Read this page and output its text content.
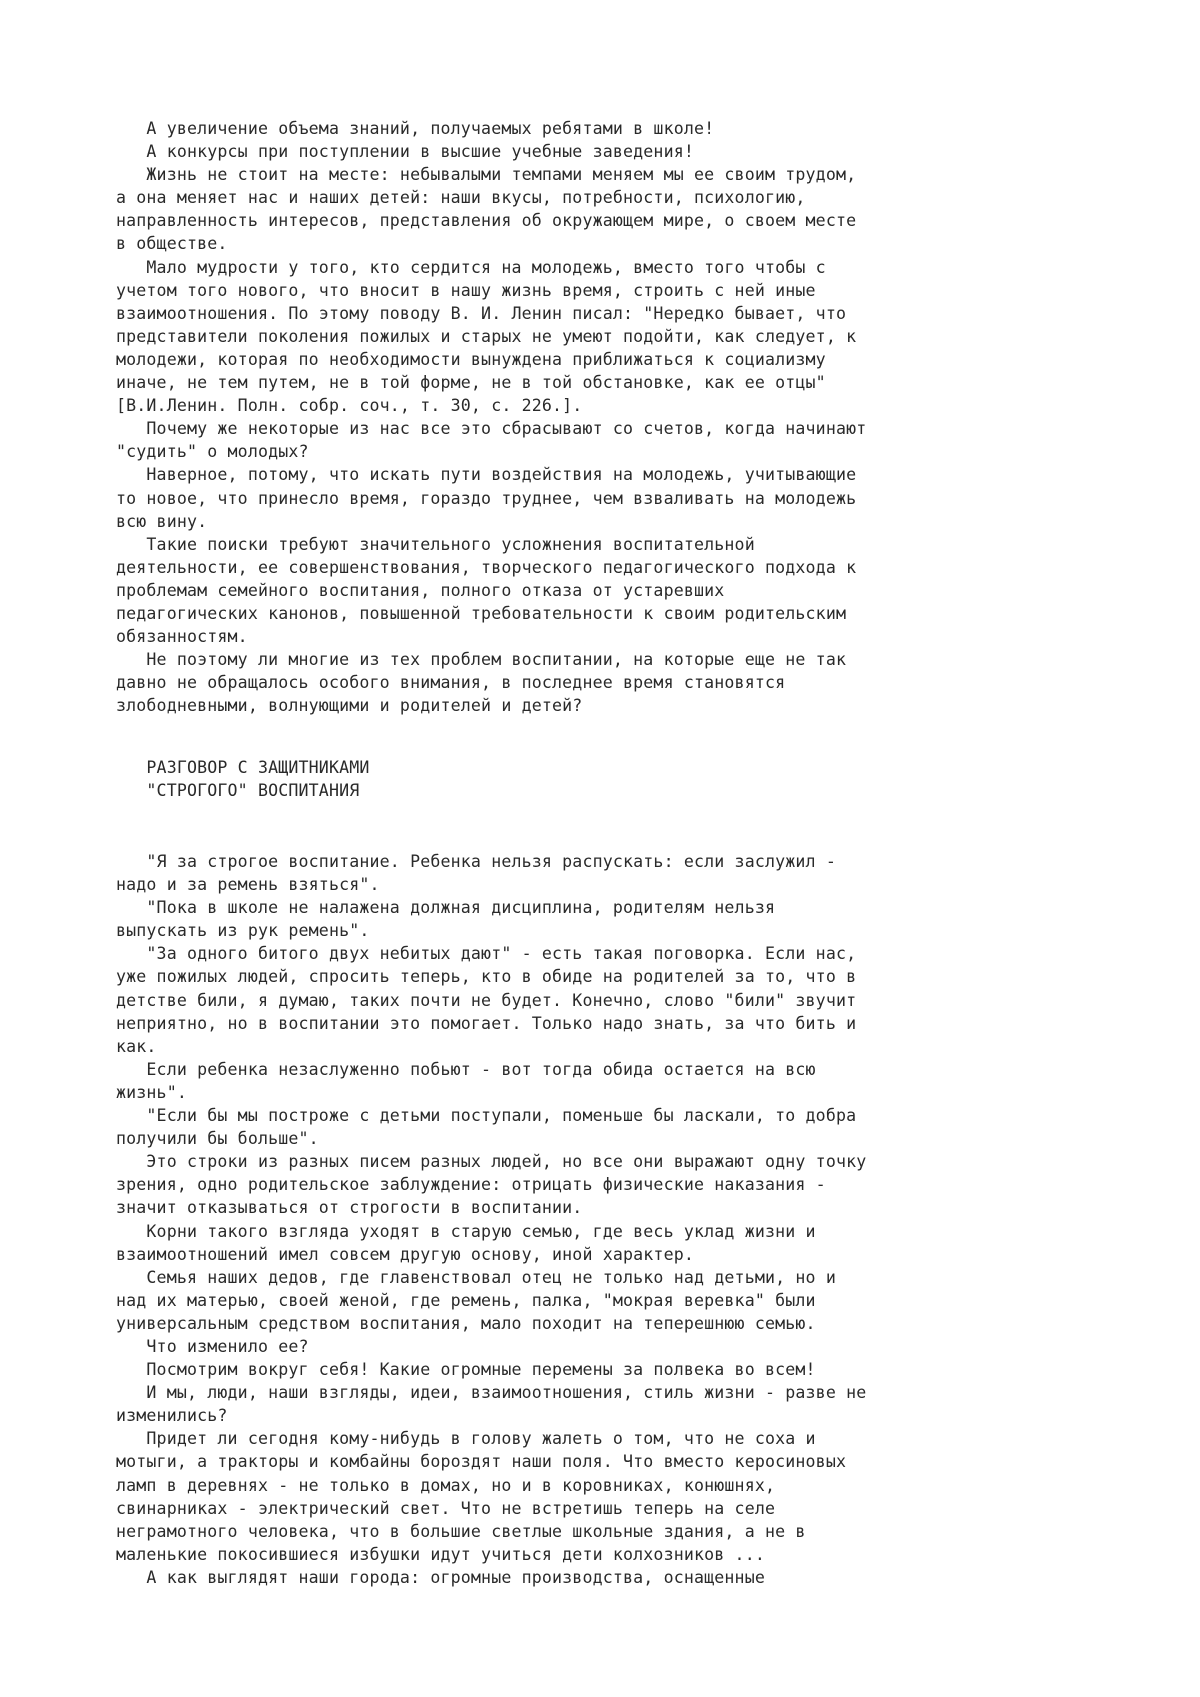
А увеличение объема знаний, получаемых ребятами в школе!
А конкурсы при поступлении в высшие учебные заведения!
Жизнь не стоит на месте: небывалыми темпами меняем мы ее своим трудом,
а она меняет нас и наших детей: наши вкусы, потребности, психологию,
направленность интересов, представления об окружающем мире, о своем месте
в обществе.
Мало мудрости у того, кто сердится на молодежь, вместо того чтобы с
учетом того нового, что вносит в нашу жизнь время, строить с ней иные
взаимоотношения. По этому поводу В. И. Ленин писал: "Нередко бывает, что
представители поколения пожилых и старых не умеют подойти, как следует, к
молодежи, которая по необходимости вынуждена приближаться к социализму
иначе, не тем путем, не в той форме, не в той обстановке, как ее отцы"
[В.И.Ленин. Полн. собр. соч., т. 30, с. 226.].
Почему же некоторые из нас все это сбрасывают со счетов, когда начинают
"судить" о молодых?
Наверное, потому, что искать пути воздействия на молодежь, учитывающие
то новое, что принесло время, гораздо труднее, чем взваливать на молодежь
всю вину.
Такие поиски требуют значительного усложнения воспитательной
деятельности, ее совершенствования, творческого педагогического подхода к
проблемам семейного воспитания, полного отказа от устаревших
педагогических канонов, повышенной требовательности к своим родительским
обязанностям.
Не поэтому ли многие из тех проблем воспитании, на которые еще не так
давно не обращалось особого внимания, в последнее время становятся
злободневными, волнующими и родителей и детей?
РАЗГОВОР С ЗАЩИТНИКАМИ
"СТРОГОГО" ВОСПИТАНИЯ
"Я за строгое воспитание. Ребенка нельзя распускать: если заслужил -
надо и за ремень взяться".
"Пока в школе не налажена должная дисциплина, родителям нельзя
выпускать из рук ремень".
"За одного битого двух небитых дают" - есть такая поговорка. Если нас,
уже пожилых людей, спросить теперь, кто в обиде на родителей за то, что в
детстве били, я думаю, таких почти не будет. Конечно, слово "били" звучит
неприятно, но в воспитании это помогает. Только надо знать, за что бить и
как.
Если ребенка незаслуженно побьют - вот тогда обида остается на всю
жизнь".
"Если бы мы построже с детьми поступали, поменьше бы ласкали, то добра
получили бы больше".
Это строки из разных писем разных людей, но все они выражают одну точку
зрения, одно родительское заблуждение: отрицать физические наказания -
значит отказываться от строгости в воспитании.
Корни такого взгляда уходят в старую семью, где весь уклад жизни и
взаимоотношений имел совсем другую основу, иной характер.
Семья наших дедов, где главенствовал отец не только над детьми, но и
над их матерью, своей женой, где ремень, палка, "мокрая веревка" были
универсальным средством воспитания, мало походит на теперешнюю семью.
Что изменило ее?
Посмотрим вокруг себя! Какие огромные перемены за полвека во всем!
И мы, люди, наши взгляды, идеи, взаимоотношения, стиль жизни - разве не
изменились?
Придет ли сегодня кому-нибудь в голову жалеть о том, что не соха и
мотыги, а тракторы и комбайны бороздят наши поля. Что вместо керосиновых
ламп в деревнях - не только в домах, но и в коровниках, конюшнях,
свинарниках - электрический свет. Что не встретишь теперь на селе
неграмотного человека, что в большие светлые школьные здания, а не в
маленькие покосившиеся избушки идут учиться дети колхозников ...
А как выглядят наши города: огромные производства, оснащенные
